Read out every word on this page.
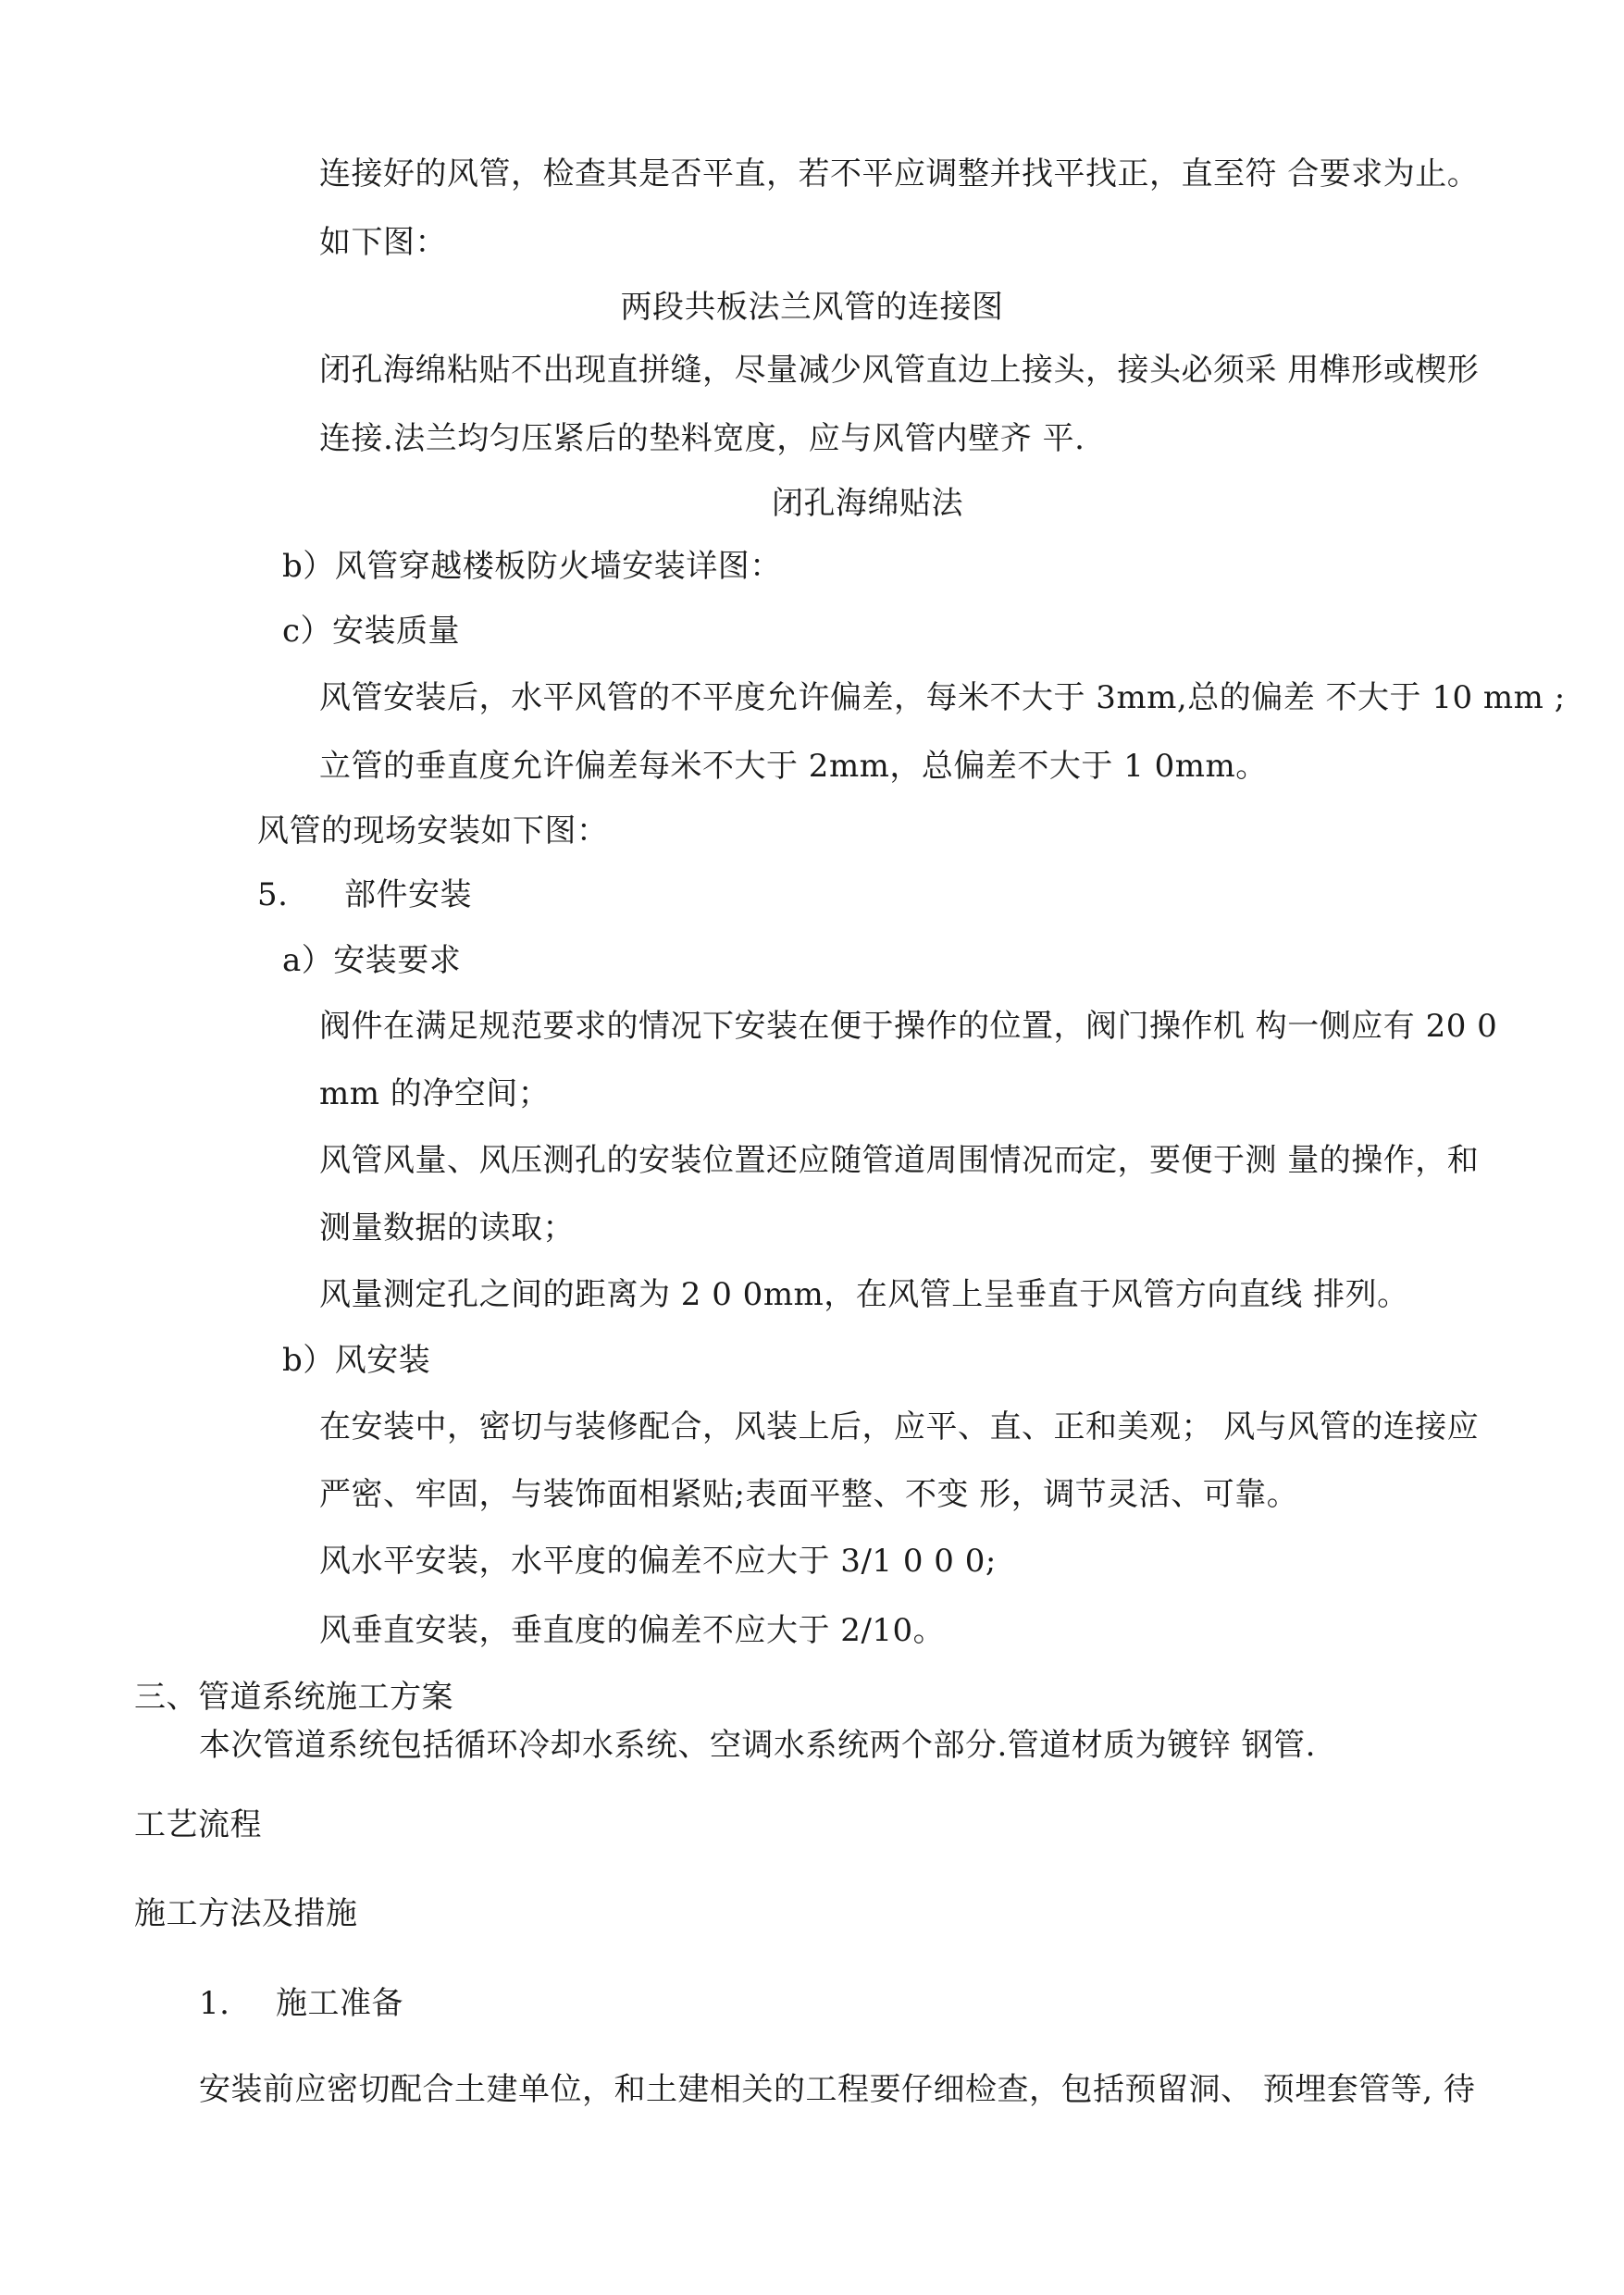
连接好的风管，检查其是否平直，若不平应调整并找平找正，直至符 合要求为止。

如下图：

两段共板法兰风管的连接图

闭孔海绵粘贴不出现直拼缝，尽量减少风管直边上接头，接头必须采 用榫形或楔形

连接.法兰均匀压紧后的垫料宽度，应与风管内壁齐 平.

闭孔海绵贴法

b）风管穿越楼板防火墙安装详图：

c）安装质量

风管安装后，水平风管的不平度允许偏差，每米不大于 3mm,总的偏差 不大于 10 mm ;

立管的垂直度允许偏差每米不大于 2mm，总偏差不大于 1 0mm。

风管的现场安装如下图：

5. 部件安装

a）安装要求

阀件在满足规范要求的情况下安装在便于操作的位置，阀门操作机 构一侧应有 20 0

mm 的净空间；

风管风量、风压测孔的安装位置还应随管道周围情况而定，要便于测 量的操作，和

测量数据的读取；

风量测定孔之间的距离为 2 0 0mm，在风管上呈垂直于风管方向直线 排列。

b）风安装

在安装中，密切与装修配合，风装上后，应平、直、正和美观； 风与风管的连接应

严密、牢固，与装饰面相紧贴;表面平整、不变 形，调节灵活、可靠。

风水平安装，水平度的偏差不应大于 3/1 0 0 0;

风垂直安装，垂直度的偏差不应大于 2/10。

三、管道系统施工方案

本次管道系统包括循环冷却水系统、空调水系统两个部分.管道材质为镀锌 钢管.

工艺流程

施工方法及措施

1. 施工准备

安装前应密切配合土建单位，和土建相关的工程要仔细检查，包括预留洞、 预埋套管等, 待
